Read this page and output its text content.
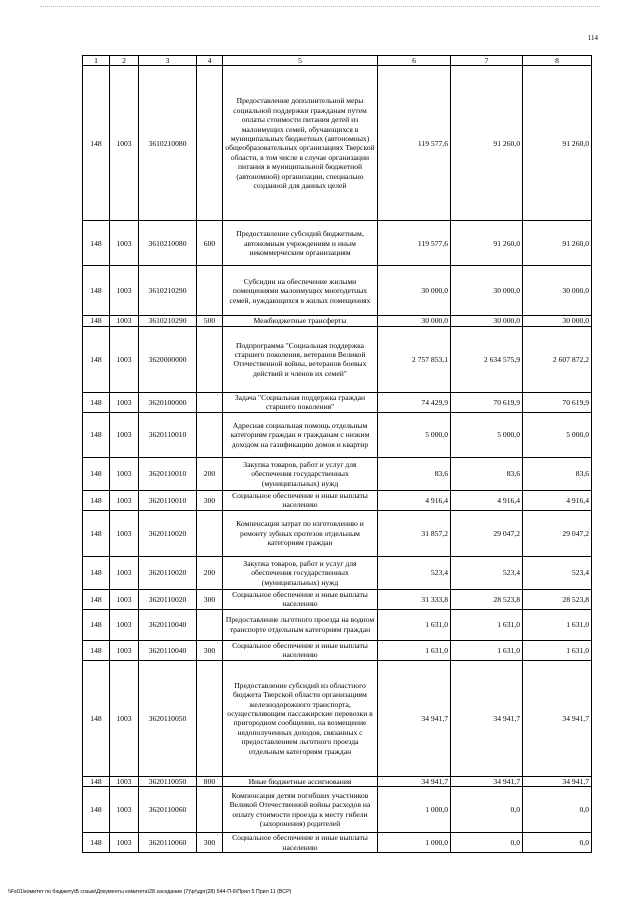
114
1	2	3	4	5	6	7	8
148	1003	3610210080		Предоставление дополнительной меры социальной поддержки гражданам путем оплаты стоимости питания детей из малоимущих семей, обучающихся в муниципальных бюджетных (автономных) общеобразовательных организациях Тверской области, в том числе в случае организации питания в муниципальной бюджетной (автономной) организации, специально созданной для данных целей	119 577,6	91 260,0	91 260,0
148	1003	3610210080	600	Предоставление субсидий бюджетным, автономным учреждениям и иным некоммерческим организациям	119 577,6	91 260,0	91 260,0
148	1003	3610210290		Субсидии на обеспечение жилыми помещениями малоимущих многодетных семей, нуждающихся в жилых помещениях	30 000,0	30 000,0	30 000,0
148	1003	3610210290	500	Межбюджетные трансферты	30 000,0	30 000,0	30 000,0
148	1003	3620000000		Подпрограмма "Социальная поддержка старшего поколения, ветеранов Великой Отечественной войны, ветеранов боевых действий и членов их семей"	2 757 853,1	2 634 575,9	2 607 872,2
148	1003	3620100000		Задача "Социальная поддержка граждан старшего поколения"	74 429,9	70 619,9	70 619,9
148	1003	3620110010		Адресная социальная помощь отдельным категориям граждан и гражданам с низким доходом на газификацию домов и квартир	5 000,0	5 000,0	5 000,0
148	1003	3620110010	200	Закупка товаров, работ и услуг для обеспечения государственных (муниципальных) нужд	83,6	83,6	83,6
148	1003	3620110010	300	Социальное обеспечение и иные выплаты населению	4 916,4	4 916,4	4 916,4
148	1003	3620110020		Компенсация затрат по изготовлению и ремонту зубных протезов отдельным категориям граждан	31 857,2	29 047,2	29 047,2
148	1003	3620110020	200	Закупка товаров, работ и услуг для обеспечения государственных (муниципальных) нужд	523,4	523,4	523,4
148	1003	3620110020	300	Социальное обеспечение и иные выплаты населению	31 333,8	28 523,8	28 523,8
148	1003	3620110040		Предоставление льготного проезда на водном транспорте отдельным категориям граждан	1 631,0	1 631,0	1 631,0
148	1003	3620110040	300	Социальное обеспечение и иные выплаты населению	1 631,0	1 631,0	1 631,0
148	1003	3620110050		Предоставление субсидий из областного бюджета Тверской области организациям железнодорожного транспорта, осуществляющим пассажирские перевозки в пригородном сообщении, на возмещение недополученных доходов, связанных с предоставлением льготного проезда отдельным категориям граждан	34 941,7	34 941,7	34 941,7
148	1003	3620110050	800	Иные бюджетные ассигнования	34 941,7	34 941,7	34 941,7
148	1003	3620110060		Компенсация детям погибших участников Великой Отечественной войны расходов на оплату стоимости проезда к месту гибели (захоронения) родителей	1 000,0	0,0	0,0
148	1003	3620110060	300	Социальное обеспечение и иные выплаты населению	1 000,0	0,0	0,0
\\Fs01\комитет по бюджету\В созыв\Документы комитета\28 заседание (7)\pr\дрг(28) 544-П-6\Прил 5 Прил 11 (ВСР)
